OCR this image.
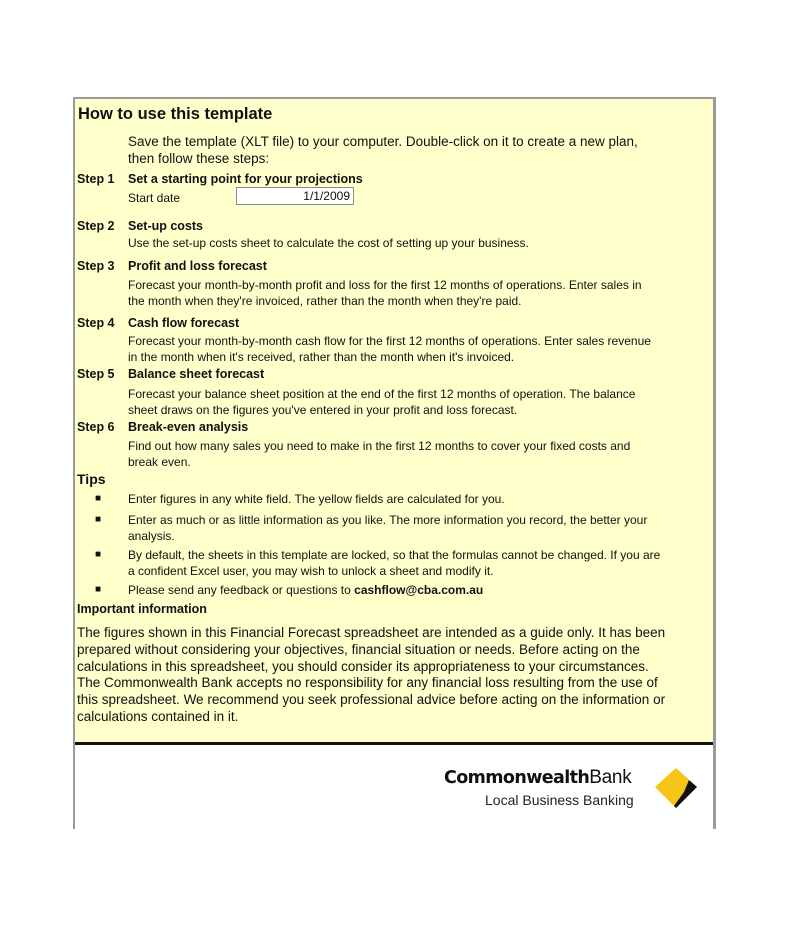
How to use this template
Save the template (XLT file) to your computer. Double-click on it to create a new plan,
then follow these steps:
Step 1 Set a starting point for your projections
Start date	1/1/2009
Step 2 Set-up costs
Use the set-up costs sheet to calculate the cost of setting up your business.
Step 3 Profit and loss forecast
Forecast your month-by-month profit and loss for the first 12 months of operations. Enter sales in
the month when they're invoiced, rather than the month when they're paid.
Step 4 Cash flow forecast
Forecast your month-by-month cash flow for the first 12 months of operations. Enter sales revenue
in the month when it's received, rather than the month when it's invoiced.
Step 5 Balance sheet forecast
Forecast your balance sheet position at the end of the first 12 months of operation. The balance
sheet draws on the figures you've entered in your profit and loss forecast.
Step 6 Break-even analysis
Find out how many sales you need to make in the first 12 months to cover your fixed costs and
break even.
Tips
■ Enter figures in any white field. The yellow fields are calculated for you.
■ Enter as much or as little information as you like. The more information you record, the better your
analysis.
■ By default, the sheets in this template are locked, so that the formulas cannot be changed. If you are
a confident Excel user, you may wish to unlock a sheet and modify it.
■ Please send any feedback or questions to cashflow@cba.com.au
Important information
The figures shown in this Financial Forecast spreadsheet are intended as a guide only. It has been
prepared without considering your objectives, financial situation or needs. Before acting on the
calculations in this spreadsheet, you should consider its appropriateness to your circumstances.
The Commonwealth Bank accepts no responsibility for any financial loss resulting from the use of
this spreadsheet. We recommend you seek professional advice before acting on the information or
calculations contained in it.
CommonwealthBank
Local Business Banking
